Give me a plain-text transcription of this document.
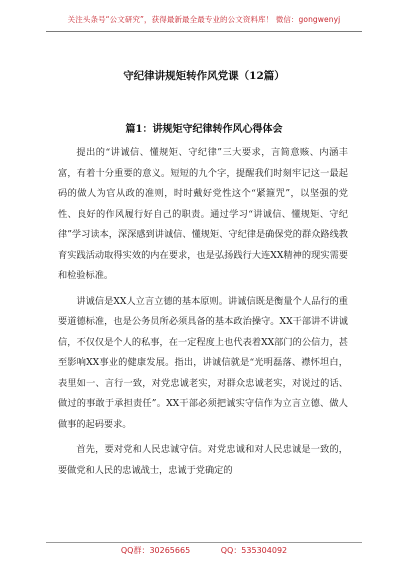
关注头条号“公文研究”，获得最新最全最专业的公文资料库！ 微信：gongwenyj
守纪律讲规矩转作风党课（12篇）
篇1：讲规矩守纪律转作风心得体会

提出的“讲诚信、懂规矩、守纪律”三大要求，言简意赅、内涵丰富，有着十分重要的意义。短短的九个字，提醒我们时刻牢记这一最起码的做人为官从政的准则，时时戴好党性这个“紧箍咒”，以坚强的党性、良好的作风履行好自己的职责。通过学习“讲诚信、懂规矩、守纪律”学习读本，深深感到讲诚信、懂规矩、守纪律是确保党的群众路线教育实践活动取得实效的内在要求，也是弘扬践行大连XX精神的现实需要和检验标准。

讲诚信是XX人立言立德的基本原则。讲诚信既是衡量个人品行的重要道德标准，也是公务员所必须具备的基本政治操守。XX干部讲不讲诚信，不仅仅是个人的私事，在一定程度上也代表着XX部门的公信力，甚至影响XX事业的健康发展。指出，讲诚信就是“光明磊落、襟怀坦白，表里如一、言行一致，对党忠诚老实，对群众忠诚老实，对说过的话、做过的事敢于承担责任”。XX干部必须把诚实守信作为立言立德、做人做事的起码要求。

首先，要对党和人民忠诚守信。对党忠诚和对人民忠诚是一致的，要做党和人民的忠诚战士，忠诚于党确定的

QQ群：30265665	QQ：535304092
